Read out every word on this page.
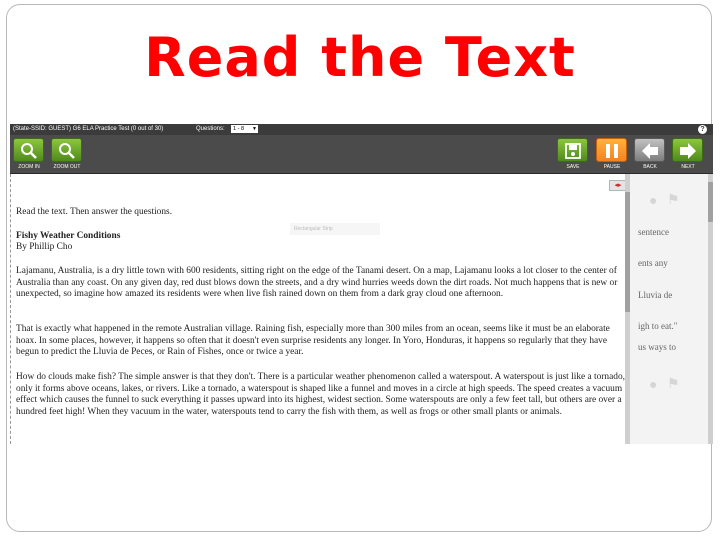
Read the Text
(State-SSID: GUEST) G6 ELA Practice Test (0 out of 30)	Questions:	1 - 8 ▼	?
ZOOM IN	ZOOM OUT	SAVE	PAUSE	BACK	NEXT
◂▸

Read the text. Then answer the questions.

Fishy Weather Conditions

By Phillip Cho

Rectangular Strip

Lajamanu, Australia, is a dry little town with 600 residents, sitting right on the edge of the Tanami desert. On a map, Lajamanu looks a lot closer to the center of Australia than any coast. On any given day, red dust blows down the streets, and a dry wind hurries weeds down the dirt roads. Not much happens that is new or unexpected, so imagine how amazed its residents were when live fish rained down on them from a dark gray cloud one afternoon.

That is exactly what happened in the remote Australian village. Raining fish, especially more than 300 miles from an ocean, seems like it must be an elaborate hoax. In some places, however, it happens so often that it doesn't even surprise residents any longer. In Yoro, Honduras, it happens so regularly that they have begun to predict the Lluvia de Peces, or Rain of Fishes, once or twice a year.

How do clouds make fish? The simple answer is that they don't. There is a particular weather phenomenon called a waterspout. A waterspout is just like a tornado, only it forms above oceans, lakes, or rivers. Like a tornado, a waterspout is shaped like a funnel and moves in a circle at high speeds. The speed creates a vacuum effect which causes the funnel to suck everything it passes upward into its highest, widest section. Some waterspouts are only a few feet tall, but others are over a hundred feet high! When they vacuum in the water, waterspouts tend to carry the fish with them, as well as frogs or other small plants or animals.

● ⚑
sentence
ents any
Lluvia de
igh to eat."
us ways to
● ⚑
